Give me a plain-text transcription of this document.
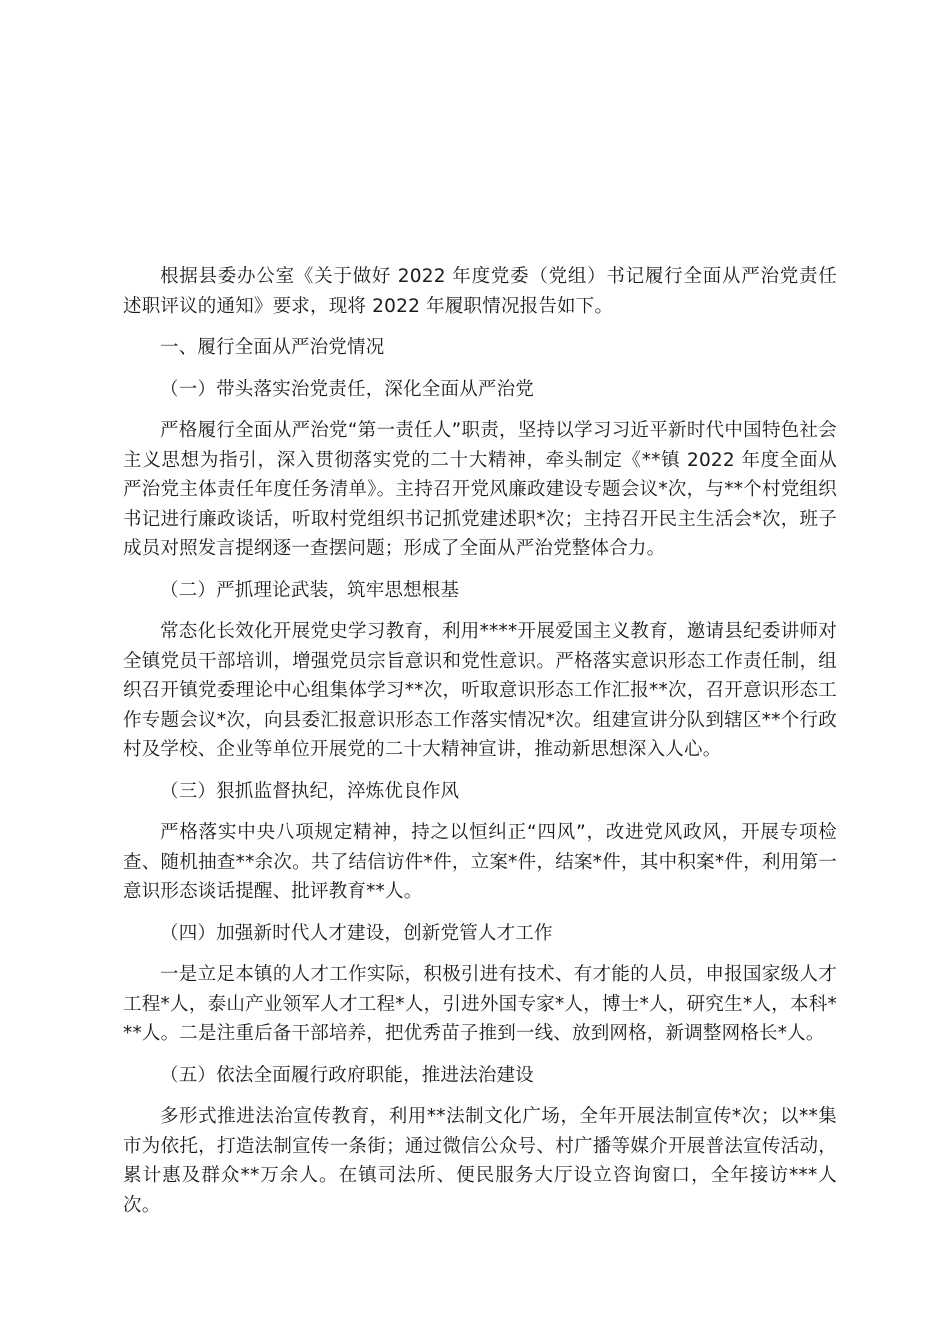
根据县委办公室《关于做好 2022 年度党委（党组）书记履行全面从严治党责任述职评议的通知》要求，现将 2022 年履职情况报告如下。

一、履行全面从严治党情况

（一）带头落实治党责任，深化全面从严治党

严格履行全面从严治党“第一责任人”职责，坚持以学习习近平新时代中国特色社会主义思想为指引，深入贯彻落实党的二十大精神，牵头制定《**镇 2022 年度全面从严治党主体责任年度任务清单》。主持召开党风廉政建设专题会议*次，与**个村党组织书记进行廉政谈话，听取村党组织书记抓党建述职*次；主持召开民主生活会*次，班子成员对照发言提纲逐一查摆问题；形成了全面从严治党整体合力。

（二）严抓理论武装，筑牢思想根基

常态化长效化开展党史学习教育，利用****开展爱国主义教育，邀请县纪委讲师对全镇党员干部培训，增强党员宗旨意识和党性意识。严格落实意识形态工作责任制，组织召开镇党委理论中心组集体学习**次，听取意识形态工作汇报**次，召开意识形态工作专题会议*次，向县委汇报意识形态工作落实情况*次。组建宣讲分队到辖区**个行政村及学校、企业等单位开展党的二十大精神宣讲，推动新思想深入人心。

（三）狠抓监督执纪，淬炼优良作风

严格落实中央八项规定精神，持之以恒纠正“四风”，改进党风政风，开展专项检查、随机抽查**余次。共了结信访件*件，立案*件，结案*件，其中积案*件，利用第一意识形态谈话提醒、批评教育**人。

（四）加强新时代人才建设，创新党管人才工作

一是立足本镇的人才工作实际，积极引进有技术、有才能的人员，申报国家级人才工程*人，泰山产业领军人才工程*人，引进外国专家*人，博士*人，研究生*人，本科***人。二是注重后备干部培养，把优秀苗子推到一线、放到网格，新调整网格长*人。

（五）依法全面履行政府职能，推进法治建设

多形式推进法治宣传教育，利用**法制文化广场，全年开展法制宣传*次；以**集市为依托，打造法制宣传一条街；通过微信公众号、村广播等媒介开展普法宣传活动，累计惠及群众**万余人。在镇司法所、便民服务大厅设立咨询窗口，全年接访***人次。
